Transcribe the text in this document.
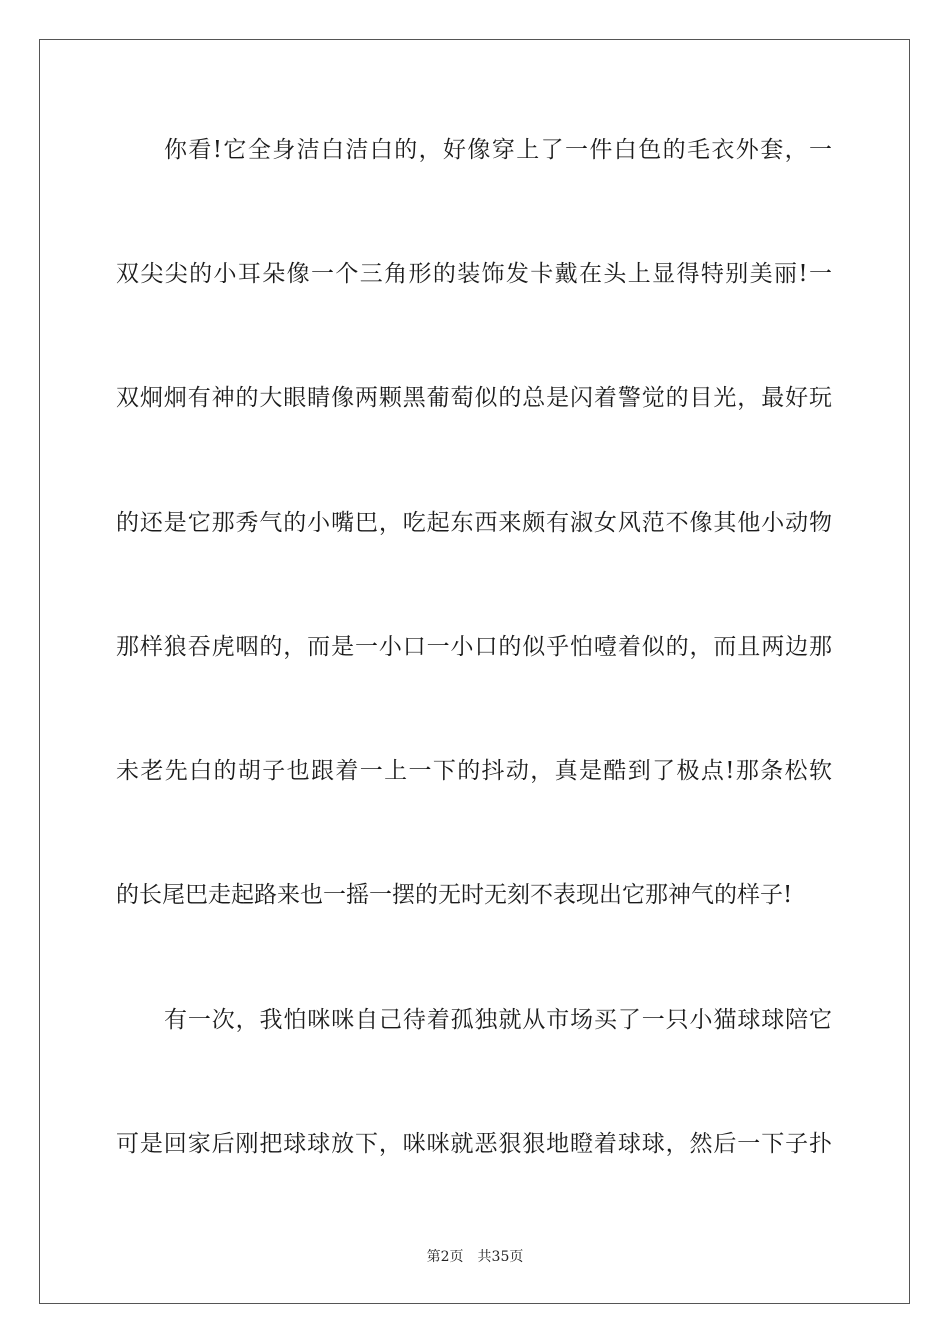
你看!它全身洁白洁白的，好像穿上了一件白色的毛衣外套，一
双尖尖的小耳朵像一个三角形的装饰发卡戴在头上显得特别美丽!一
双炯炯有神的大眼睛像两颗黑葡萄似的总是闪着警觉的目光，最好玩
的还是它那秀气的小嘴巴，吃起东西来颇有淑女风范不像其他小动物
那样狼吞虎咽的，而是一小口一小口的似乎怕噎着似的，而且两边那
未老先白的胡子也跟着一上一下的抖动，真是酷到了极点!那条松软
的长尾巴走起路来也一摇一摆的无时无刻不表现出它那神气的样子!
有一次，我怕咪咪自己待着孤独就从市场买了一只小猫球球陪它
可是回家后刚把球球放下，咪咪就恶狠狠地瞪着球球，然后一下子扑
第2页 共35页
